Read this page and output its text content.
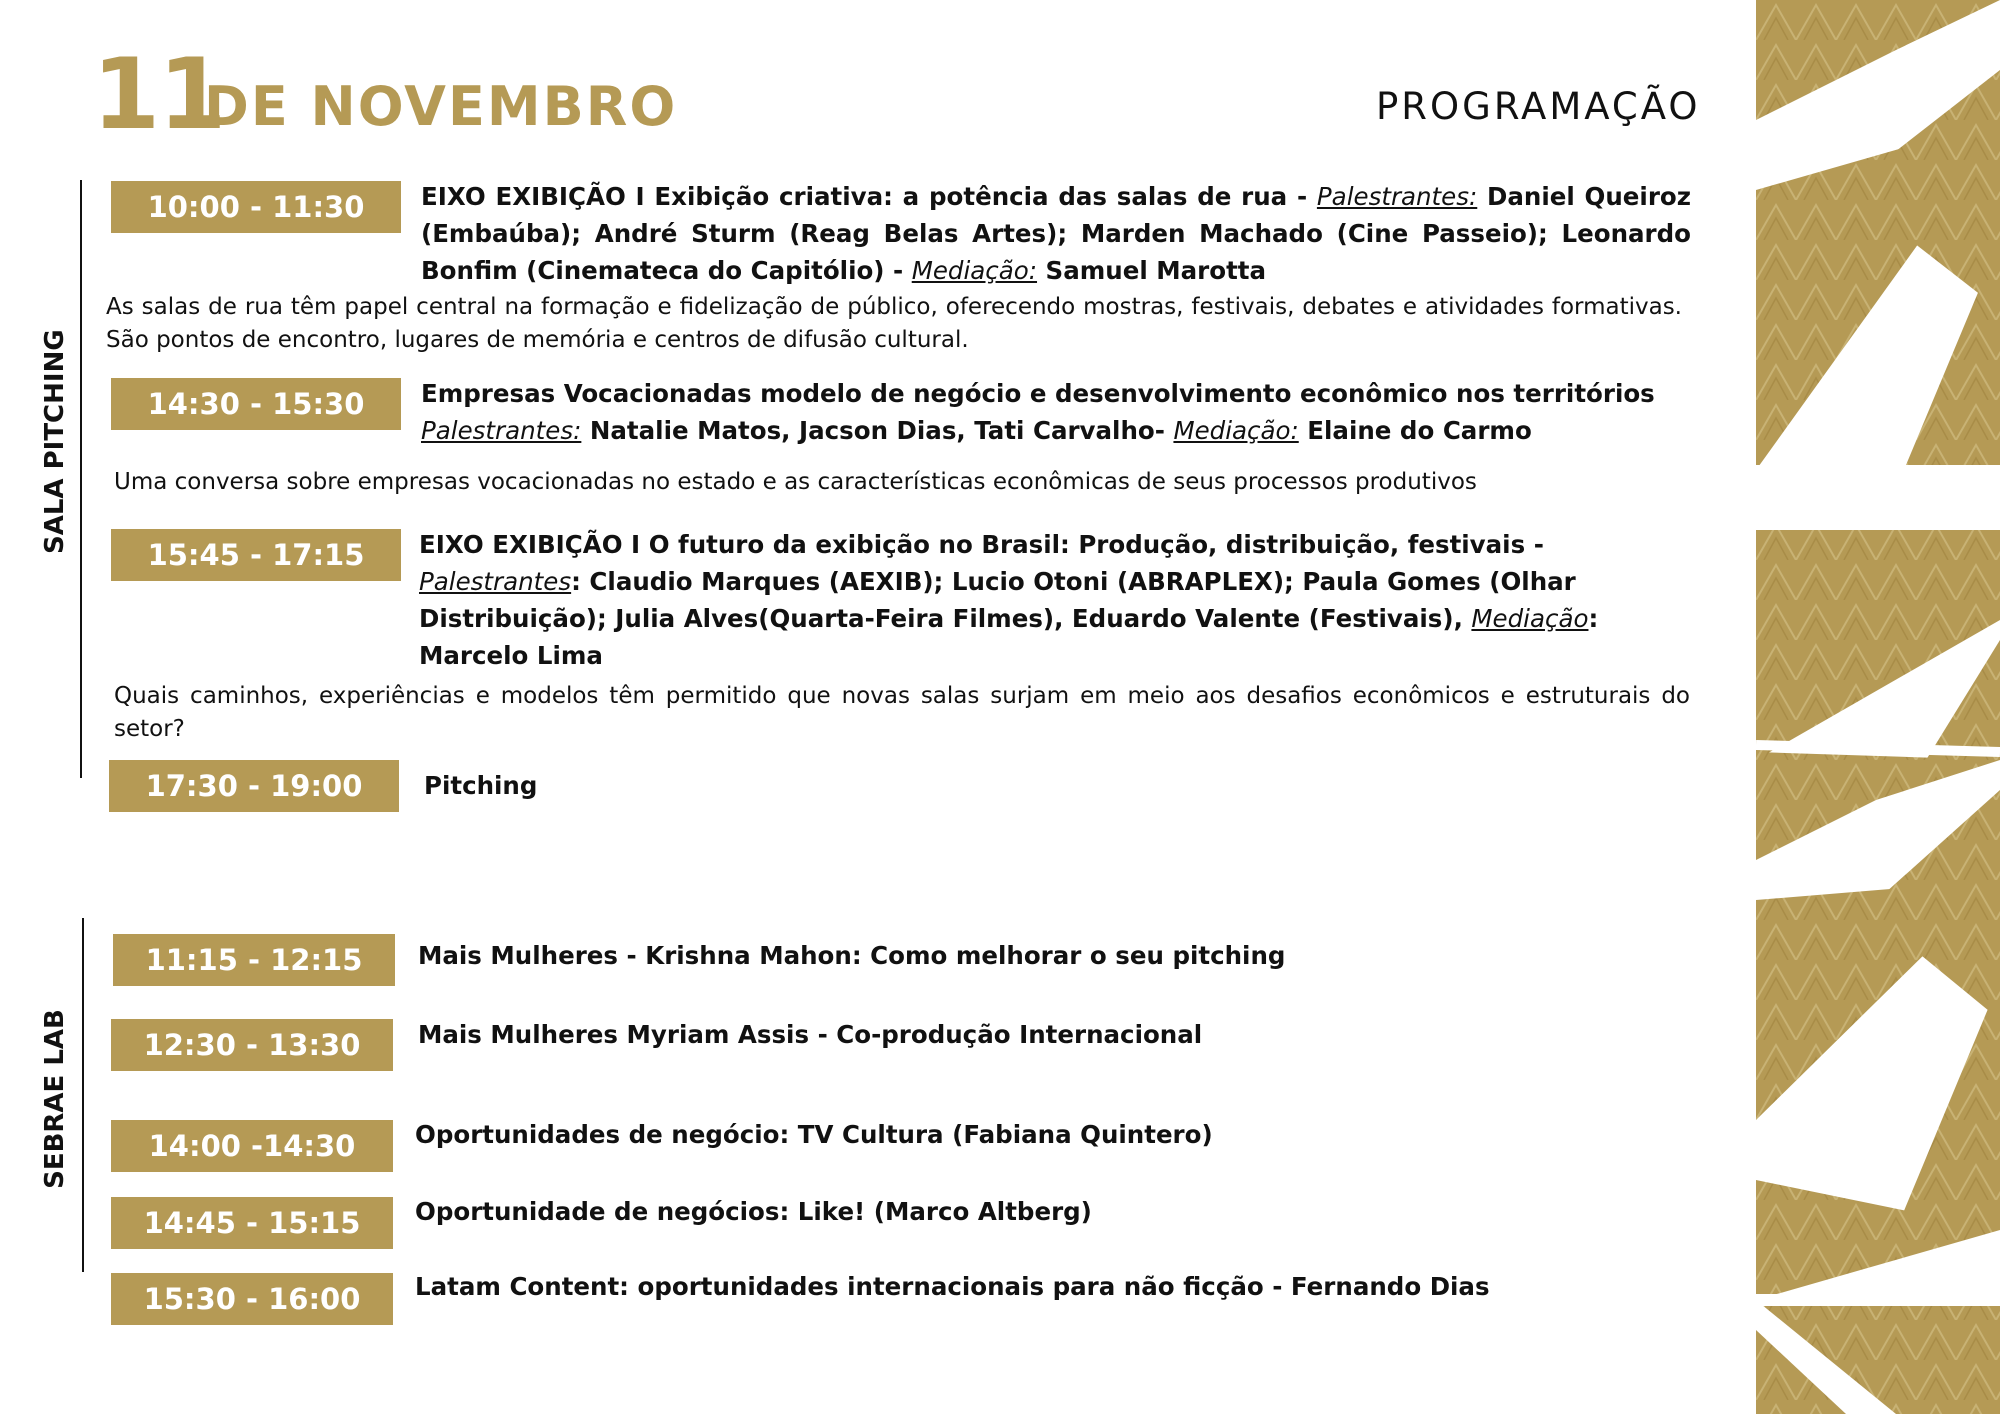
11
DE NOVEMBRO	PROGRAMAÇÃO
SALA PITCHING
10:00 - 11:30	EIXO EXIBIÇÃO I Exibição criativa: a potência das salas de rua - Palestrantes: Daniel Queiroz (Embaúba); André Sturm (Reag Belas Artes); Marden Machado (Cine Passeio); Leonardo Bonfim (Cinemateca do Capitólio) - Mediação: Samuel Marotta
As salas de rua têm papel central na formação e fidelização de público, oferecendo mostras, festivais, debates e atividades formativas. São pontos de encontro, lugares de memória e centros de difusão cultural.
14:30 - 15:30	Empresas Vocacionadas modelo de negócio e desenvolvimento econômico nos territórios
Palestrantes: Natalie Matos, Jacson Dias, Tati Carvalho- Mediação: Elaine do Carmo
Uma conversa sobre empresas vocacionadas no estado e as características econômicas de seus processos produtivos
15:45 - 17:15	EIXO EXIBIÇÃO I O futuro da exibição no Brasil: Produção, distribuição, festivais - Palestrantes: Claudio Marques (AEXIB); Lucio Otoni (ABRAPLEX); Paula Gomes (Olhar Distribuição); Julia Alves(Quarta-Feira Filmes), Eduardo Valente (Festivais), Mediação: Marcelo Lima
Quais caminhos, experiências e modelos têm permitido que novas salas surjam em meio aos desafios econômicos e estruturais do setor?
17:30 - 19:00	Pitching
SEBRAE LAB
11:15 - 12:15	Mais Mulheres - Krishna Mahon: Como melhorar o seu pitching
12:30 - 13:30	Mais Mulheres Myriam Assis - Co-produção Internacional
14:00 -14:30	Oportunidades de negócio: TV Cultura (Fabiana Quintero)
14:45 - 15:15	Oportunidade de negócios: Like! (Marco Altberg)
15:30 - 16:00	Latam Content: oportunidades internacionais para não ficção - Fernando Dias
